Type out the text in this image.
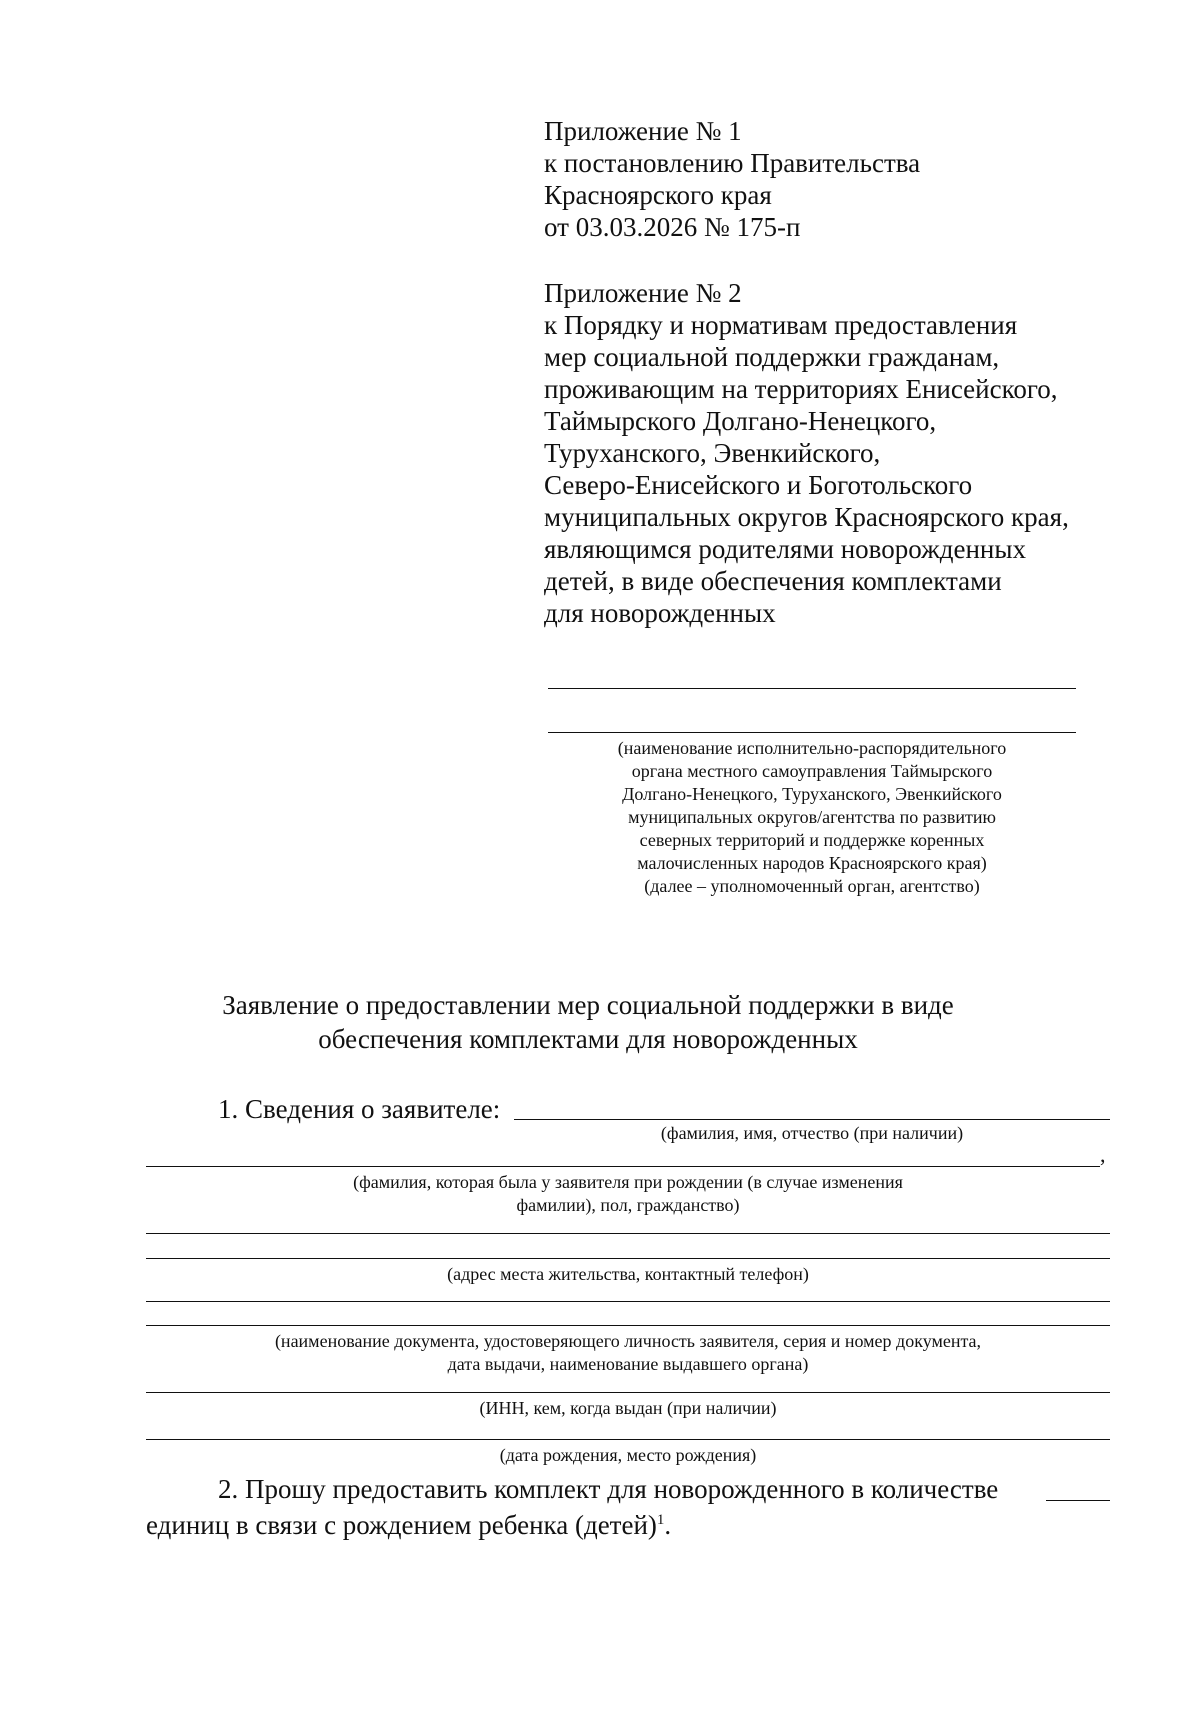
Приложение № 1
к постановлению Правительства
Красноярского края
от 03.03.2026 № 175-п
Приложение № 2
к Порядку и нормативам предоставления
мер социальной поддержки гражданам,
проживающим на территориях Енисейского,
Таймырского Долгано-Ненецкого,
Туруханского, Эвенкийского,
Северо-Енисейского и Боготольского
муниципальных округов Красноярского края,
являющимся родителями новорожденных
детей, в виде обеспечения комплектами
для новорожденных
(наименование исполнительно-распорядительного
органа местного самоуправления Таймырского
Долгано-Ненецкого, Туруханского, Эвенкийского
муниципальных округов/агентства по развитию
северных территорий и поддержке коренных
малочисленных народов Красноярского края)
(далее – уполномоченный орган, агентство)
Заявление о предоставлении мер социальной поддержки в виде
обеспечения комплектами для новорожденных
1. Сведения о заявителе:
(фамилия, имя, отчество (при наличии)
,
(фамилия, которая была у заявителя при рождении (в случае изменения
фамилии), пол, гражданство)
(адрес места жительства, контактный телефон)
(наименование документа, удостоверяющего личность заявителя, серия и номер документа,
дата выдачи, наименование выдавшего органа)
(ИНН, кем, когда выдан (при наличии)
(дата рождения, место рождения)
2. Прошу предоставить комплект для новорожденного в количестве
единиц в связи с рождением ребенка (детей)$^1$.
